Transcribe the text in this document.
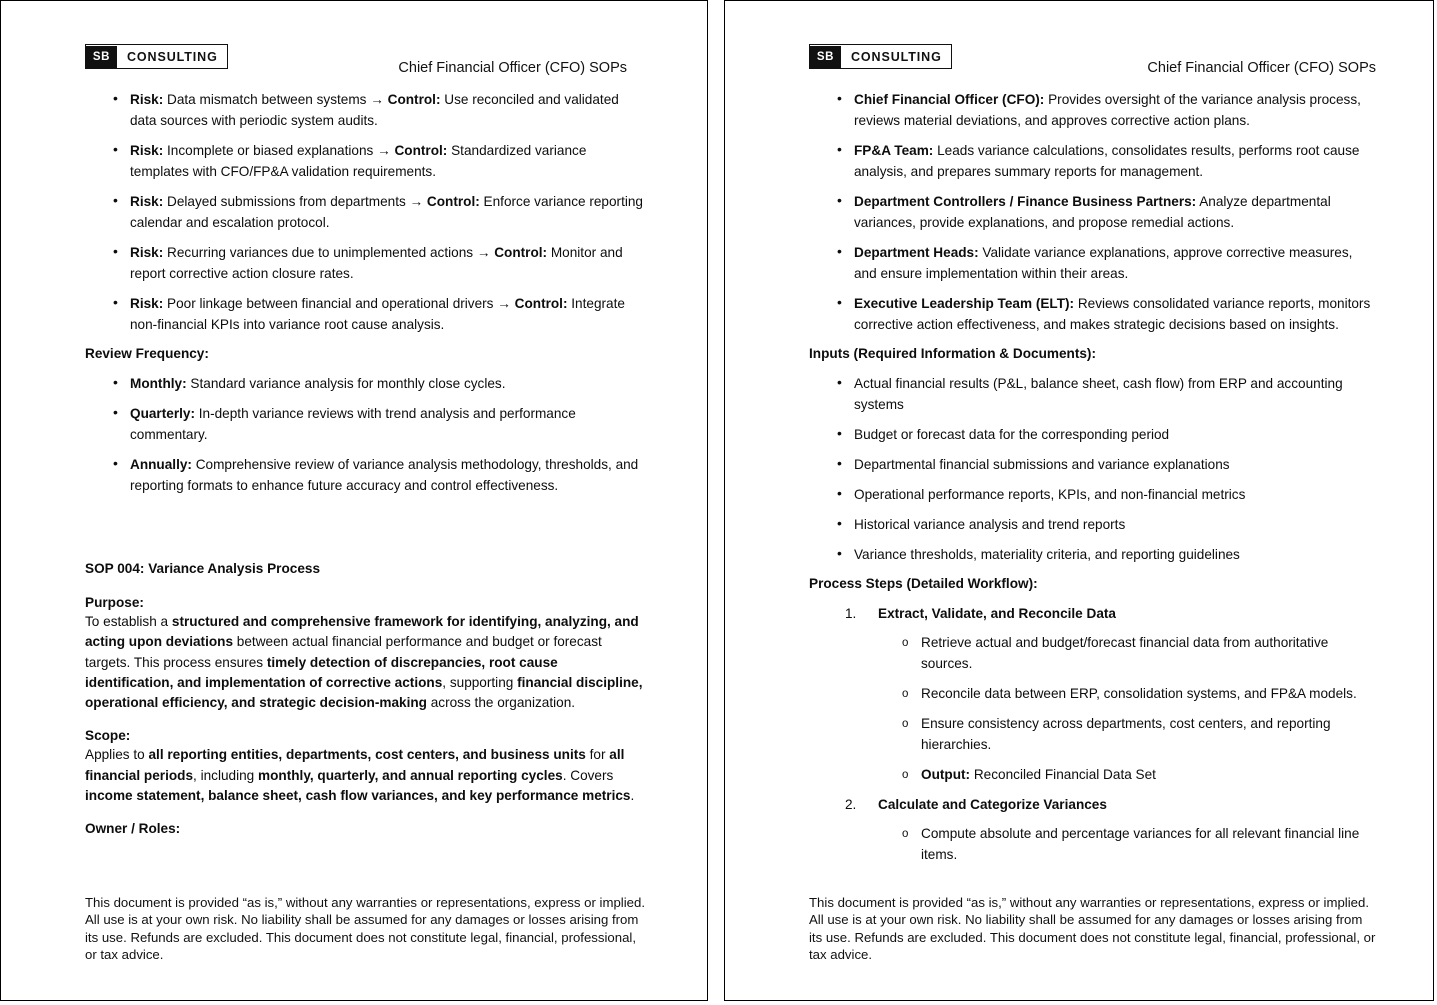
SB	CONSULTING
Chief Financial Officer (CFO) SOPs
• Risk: Data mismatch between systems → Control: Use reconciled and validated data sources with periodic system audits.
• Risk: Incomplete or biased explanations → Control: Standardized variance templates with CFO/FP&A validation requirements.
• Risk: Delayed submissions from departments → Control: Enforce variance reporting calendar and escalation protocol.
• Risk: Recurring variances due to unimplemented actions → Control: Monitor and report corrective action closure rates.
• Risk: Poor linkage between financial and operational drivers → Control: Integrate non-financial KPIs into variance root cause analysis.
Review Frequency:
• Monthly: Standard variance analysis for monthly close cycles.
• Quarterly: In-depth variance reviews with trend analysis and performance commentary.
• Annually: Comprehensive review of variance analysis methodology, thresholds, and reporting formats to enhance future accuracy and control effectiveness.
SOP 004: Variance Analysis Process
Purpose:

To establish a structured and comprehensive framework for identifying, analyzing, and acting upon deviations between actual financial performance and budget or forecast targets. This process ensures timely detection of discrepancies, root cause identification, and implementation of corrective actions, supporting financial discipline, operational efficiency, and strategic decision-making across the organization.

Scope:

Applies to all reporting entities, departments, cost centers, and business units for all financial periods, including monthly, quarterly, and annual reporting cycles. Covers income statement, balance sheet, cash flow variances, and key performance metrics.

Owner / Roles:
This document is provided “as is,” without any warranties or representations, express or implied. All use is at your own risk. No liability shall be assumed for any damages or losses arising from its use. Refunds are excluded. This document does not constitute legal, financial, professional, or tax advice.
SB	CONSULTING
Chief Financial Officer (CFO) SOPs
• Chief Financial Officer (CFO): Provides oversight of the variance analysis process, reviews material deviations, and approves corrective action plans.
• FP&A Team: Leads variance calculations, consolidates results, performs root cause analysis, and prepares summary reports for management.
• Department Controllers / Finance Business Partners: Analyze departmental variances, provide explanations, and propose remedial actions.
• Department Heads: Validate variance explanations, approve corrective measures, and ensure implementation within their areas.
• Executive Leadership Team (ELT): Reviews consolidated variance reports, monitors corrective action effectiveness, and makes strategic decisions based on insights.
Inputs (Required Information & Documents):
• Actual financial results (P&L, balance sheet, cash flow) from ERP and accounting systems
• Budget or forecast data for the corresponding period
• Departmental financial submissions and variance explanations
• Operational performance reports, KPIs, and non-financial metrics
• Historical variance analysis and trend reports
• Variance thresholds, materiality criteria, and reporting guidelines
Process Steps (Detailed Workflow):
1. Extract, Validate, and Reconcile Data
o Retrieve actual and budget/forecast financial data from authoritative sources.
o Reconcile data between ERP, consolidation systems, and FP&A models.
o Ensure consistency across departments, cost centers, and reporting hierarchies.
o Output: Reconciled Financial Data Set
2. Calculate and Categorize Variances
o Compute absolute and percentage variances for all relevant financial line items.
This document is provided “as is,” without any warranties or representations, express or implied. All use is at your own risk. No liability shall be assumed for any damages or losses arising from its use. Refunds are excluded. This document does not constitute legal, financial, professional, or tax advice.
